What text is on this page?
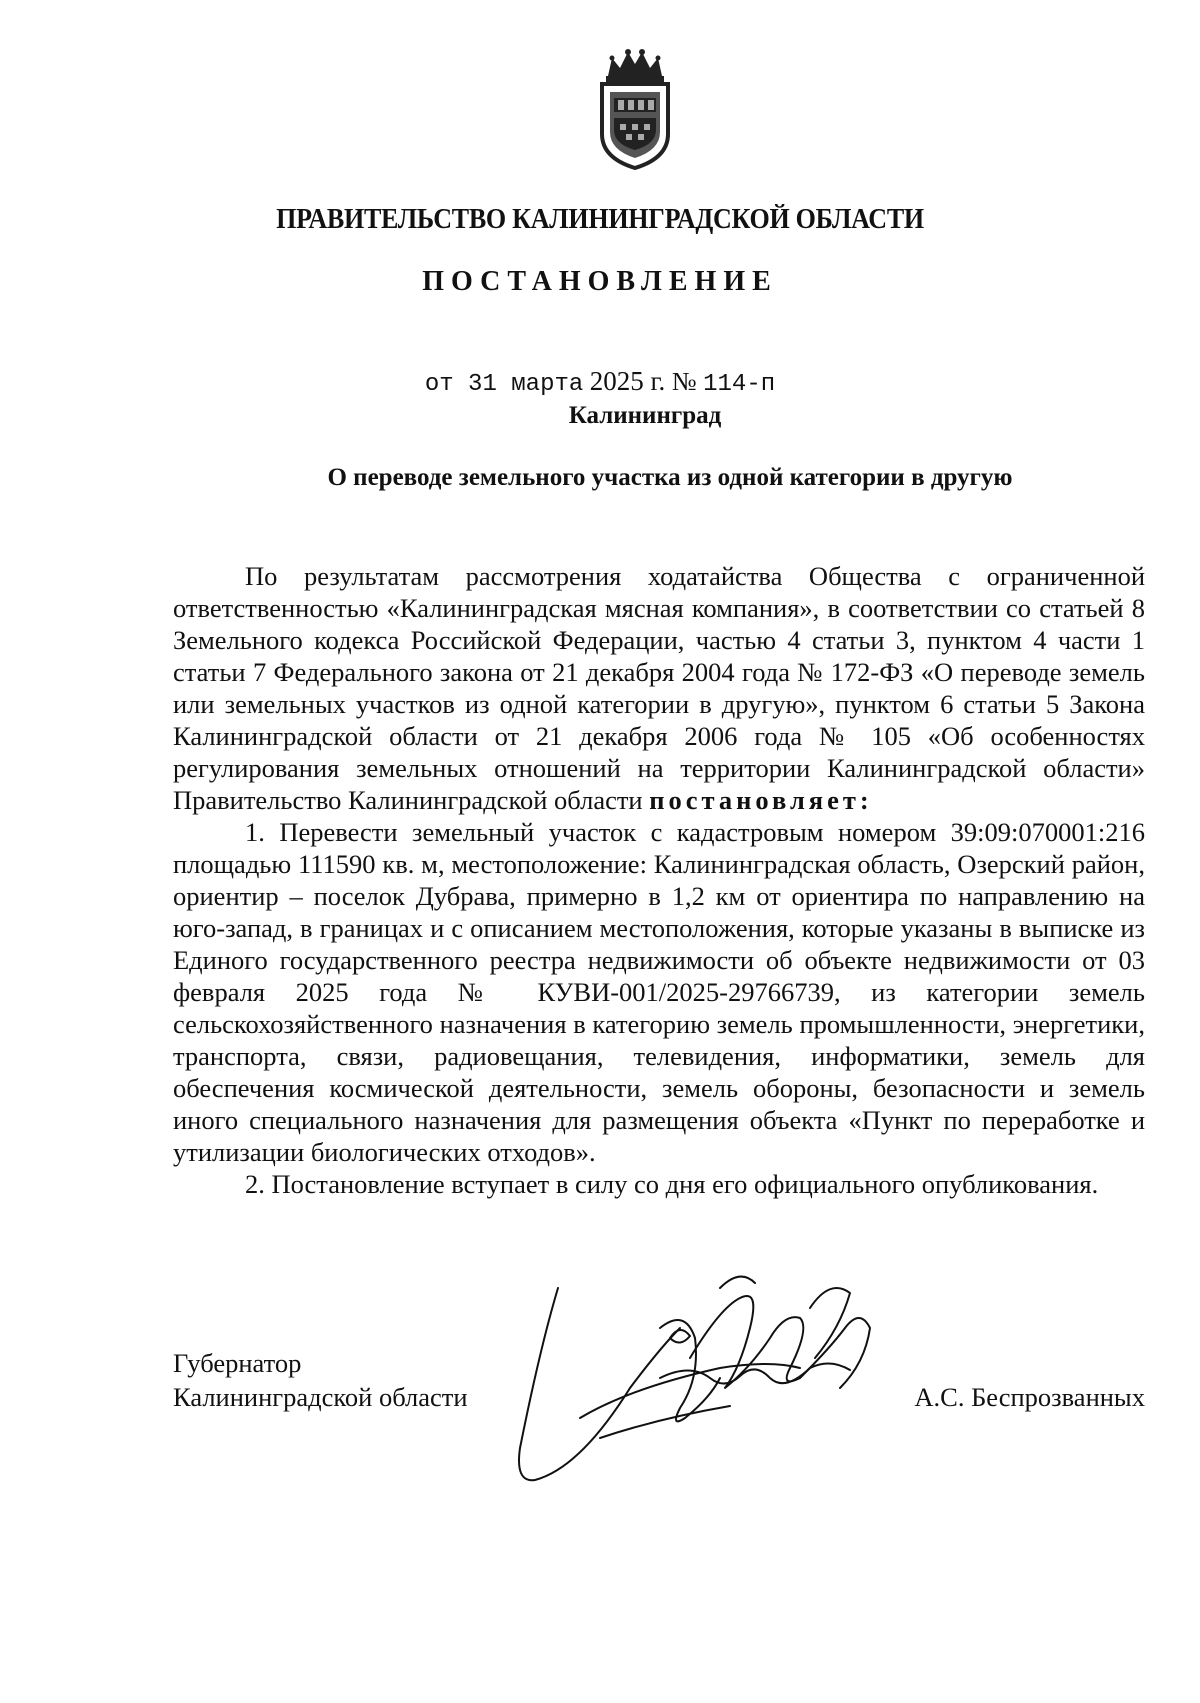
ПРАВИТЕЛЬСТВО КАЛИНИНГРАДСКОЙ ОБЛАСТИ
ПОСТАНОВЛЕНИЕ
от 31 марта 2025 г. № 114-п
Калининград
О переводе земельного участка из одной категории в другую

По результатам рассмотрения ходатайства Общества с ограниченной ответственностью «Калининградская мясная компания», в соответствии со статьей 8 Земельного кодекса Российской Федерации, частью 4 статьи 3, пунктом 4 части 1 статьи 7 Федерального закона от 21 декабря 2004 года № 172-ФЗ «О переводе земель или земельных участков из одной категории в другую», пунктом 6 статьи 5 Закона Калининградской области от 21 декабря 2006 года № 105 «Об особенностях регулирования земельных отношений на территории Калининградской области» Правительство Калининградской области постановляет:

1. Перевести земельный участок с кадастровым номером 39:09:070001:216 площадью 111590 кв. м, местоположение: Калининградская область, Озерский район, ориентир – поселок Дубрава, примерно в 1,2 км от ориентира по направлению на юго-запад, в границах и с описанием местоположения, которые указаны в выписке из Единого государственного реестра недвижимости об объекте недвижимости от 03 февраля 2025 года № КУВИ-001/2025-29766739, из категории земель сельскохозяйственного назначения в категорию земель промышленности, энергетики, транспорта, связи, радиовещания, телевидения, информатики, земель для обеспечения космической деятельности, земель обороны, безопасности и земель иного специального назначения для размещения объекта «Пункт по переработке и утилизации биологических отходов».

2. Постановление вступает в силу со дня его официального опубликования.

Губернатор
Калининградской области	А.С. Беспрозванных
